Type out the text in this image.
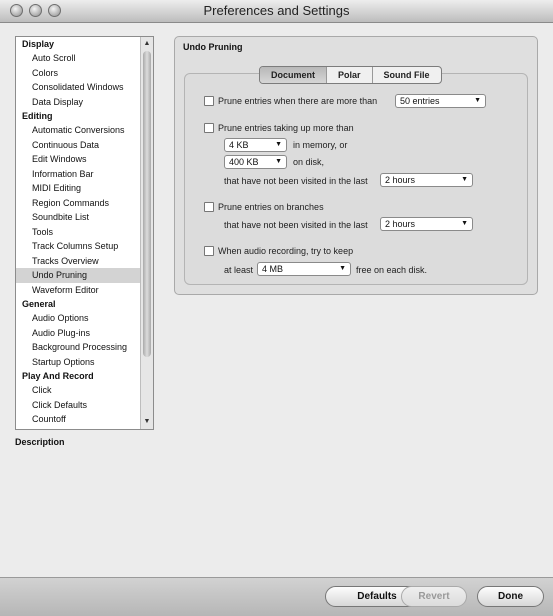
Preferences and Settings
Display
Auto Scroll
Colors
Consolidated Windows
Data Display
Editing
Automatic Conversions
Continuous Data
Edit Windows
Information Bar
MIDI Editing
Region Commands
Soundbite List
Tools
Track Columns Setup
Tracks Overview
Undo Pruning
Waveform Editor
General
Audio Options
Audio Plug-ins
Background Processing
Startup Options
Play And Record
Click
Click Defaults
Countoff
▲
▼
Description
Undo Pruning
Document	Polar	Sound File
Prune entries when there are more than	50 entries	▼
Prune entries taking up more than
4 KB	▼ in memory, or
400 KB ▼ on disk,
that have not been visited in the last	2 hours	▼
Prune entries on branches
that have not been visited in the last	2 hours	▼
When audio recording, try to keep
at least 4 MB	▼ free on each disk.
Defaults	Revert	Done
